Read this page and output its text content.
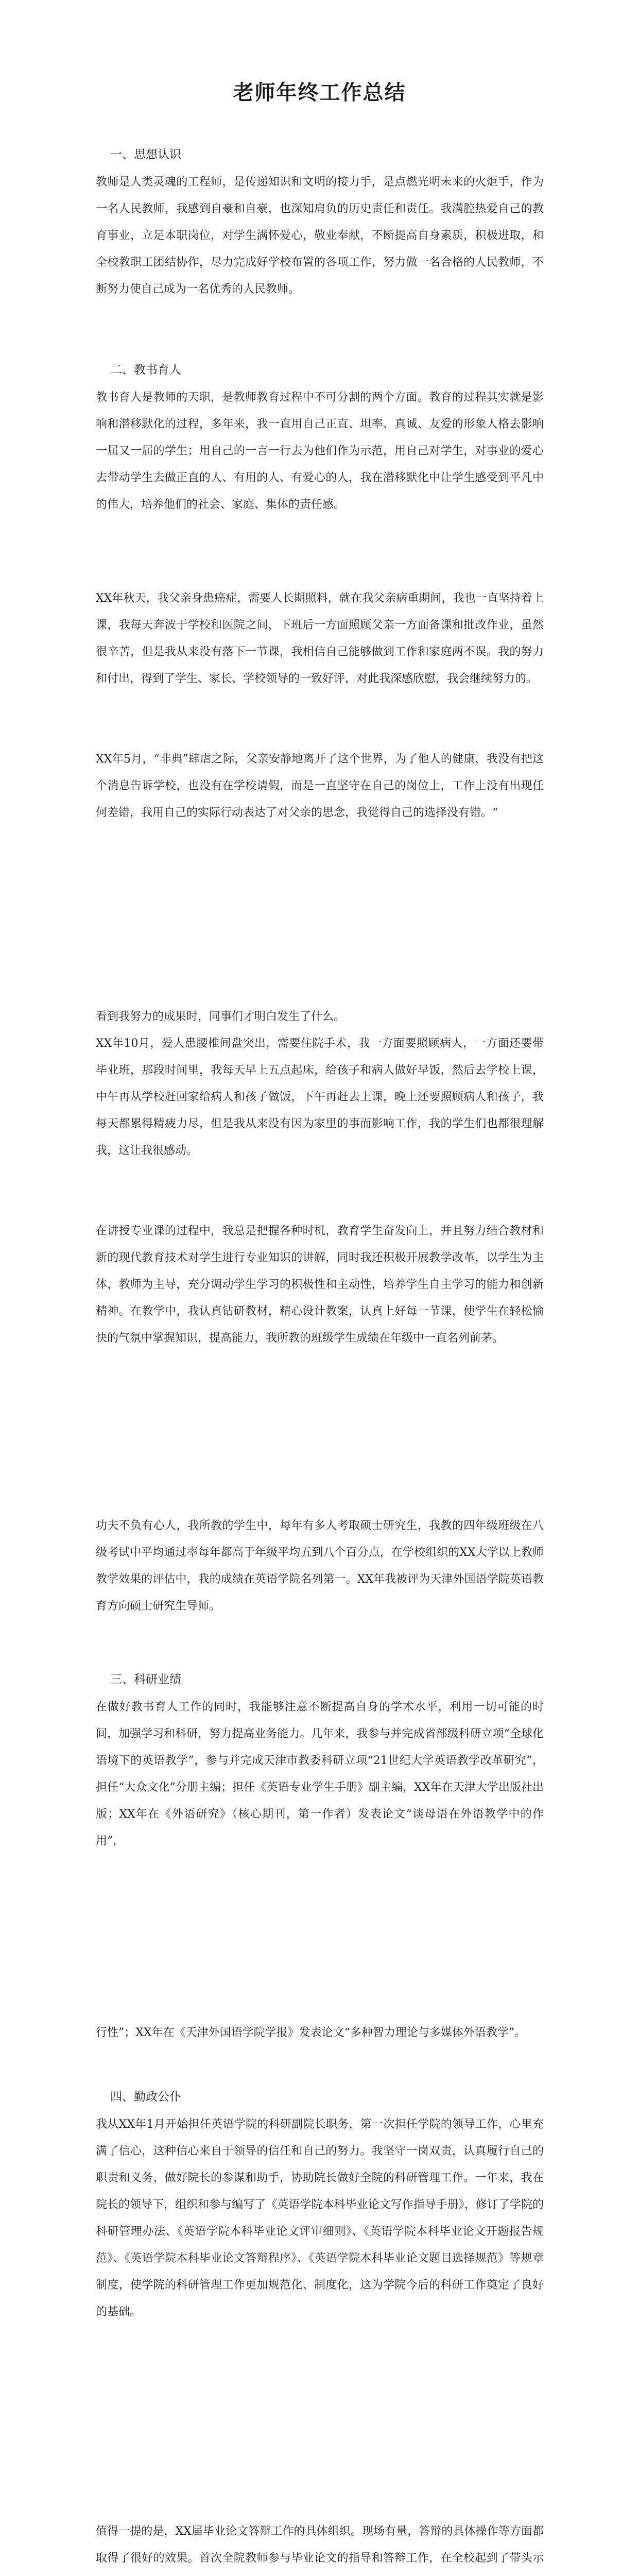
老师年终工作总结

一、思想认识

教师是人类灵魂的工程师，是传递知识和文明的接力手，是点燃光明未来的火炬手，作为一名人民教师，我感到自豪和自豪，也深知肩负的历史责任和责任。我满腔热爱自己的教育事业，立足本职岗位，对学生满怀爱心，敬业奉献，不断提高自身素质，积极进取，和全校教职工团结协作，尽力完成好学校布置的各项工作，努力做一名合格的人民教师，不断努力使自己成为一名优秀的人民教师。

二、教书育人

教书育人是教师的天职，是教师教育过程中不可分割的两个方面。教育的过程其实就是影响和潜移默化的过程，多年来，我一直用自己正直、坦率、真诚、友爱的形象人格去影响一届又一届的学生；用自己的一言一行去为他们作为示范，用自己对学生，对事业的爱心去带动学生去做正直的人、有用的人、有爱心的人，我在潜移默化中让学生感受到平凡中的伟大，培养他们的社会、家庭、集体的责任感。

XX年秋天，我父亲身患癌症，需要人长期照料，就在我父亲病重期间，我也一直坚持着上课，我每天奔波于学校和医院之间，下班后一方面照顾父亲一方面备课和批改作业，虽然很辛苦，但是我从来没有落下一节课，我相信自己能够做到工作和家庭两不误。我的努力和付出，得到了学生、家长、学校领导的一致好评，对此我深感欣慰，我会继续努力的。

XX年5月，“非典”肆虐之际，父亲安静地离开了这个世界，为了他人的健康，我没有把这个消息告诉学校，也没有在学校请假，而是一直坚守在自己的岗位上，工作上没有出现任何差错，我用自己的实际行动表达了对父亲的思念，我觉得自己的选择没有错。“

看到我努力的成果时，同事们才明白发生了什么。

XX年10月，爱人患腰椎间盘突出，需要住院手术，我一方面要照顾病人，一方面还要带毕业班，那段时间里，我每天早上五点起床，给孩子和病人做好早饭，然后去学校上课，中午再从学校赶回家给病人和孩子做饭，下午再赶去上课，晚上还要照顾病人和孩子，我每天都累得精疲力尽，但是我从来没有因为家里的事而影响工作，我的学生们也都很理解我，这让我很感动。

在讲授专业课的过程中，我总是把握各种时机，教育学生奋发向上，并且努力结合教材和新的现代教育技术对学生进行专业知识的讲解，同时我还积极开展教学改革，以学生为主体，教师为主导，充分调动学生学习的积极性和主动性，培养学生自主学习的能力和创新精神。在教学中，我认真钻研教材，精心设计教案，认真上好每一节课，使学生在轻松愉快的气氛中掌握知识，提高能力，我所教的班级学生成绩在年级中一直名列前茅。

功夫不负有心人，我所教的学生中，每年有多人考取硕士研究生，我教的四年级班级在八级考试中平均通过率每年都高于年级平均五到八个百分点，在学校组织的XX大学以上教师教学效果的评估中，我的成绩在英语学院名列第一。XX年我被评为天津外国语学院英语教育方向硕士研究生导师。

三、科研业绩

在做好教书育人工作的同时，我能够注意不断提高自身的学术水平，利用一切可能的时间，加强学习和科研，努力提高业务能力。几年来，我参与并完成省部级科研立项“全球化语境下的英语教学”，参与并完成天津市教委科研立项“21世纪大学英语教学改革研究”，担任“大众文化”分册主编；担任《英语专业学生手册》副主编，XX年在天津大学出版社出版；XX年在《外语研究》（核心期刊，第一作者）发表论文“谈母语在外语教学中的作用”，

行性”；XX年在《天津外国语学院学报》发表论文“多种智力理论与多媒体外语教学”。

四、勤政公仆

我从XX年1月开始担任英语学院的科研副院长职务，第一次担任学院的领导工作，心里充满了信心，这种信心来自于领导的信任和自己的努力。我坚守一岗双责，认真履行自己的职责和义务，做好院长的参谋和助手，协助院长做好全院的科研管理工作。一年来，我在院长的领导下，组织和参与编写了《英语学院本科毕业论文写作指导手册》，修订了学院的科研管理办法、《英语学院本科毕业论文评审细则》、《英语学院本科毕业论文开题报告规范》、《英语学院本科毕业论文答辩程序》、《英语学院本科毕业论文题目选择规范》等规章制度，使学院的科研管理工作更加规范化、制度化，这为学院今后的科研工作奠定了良好的基础。

值得一提的是，XX届毕业论文答辩工作的具体组织。现场有量，答辩的具体操作等方面都取得了很好的效果。首次全院教师参与毕业论文的指导和答辩工作，在全校起到了带头示
